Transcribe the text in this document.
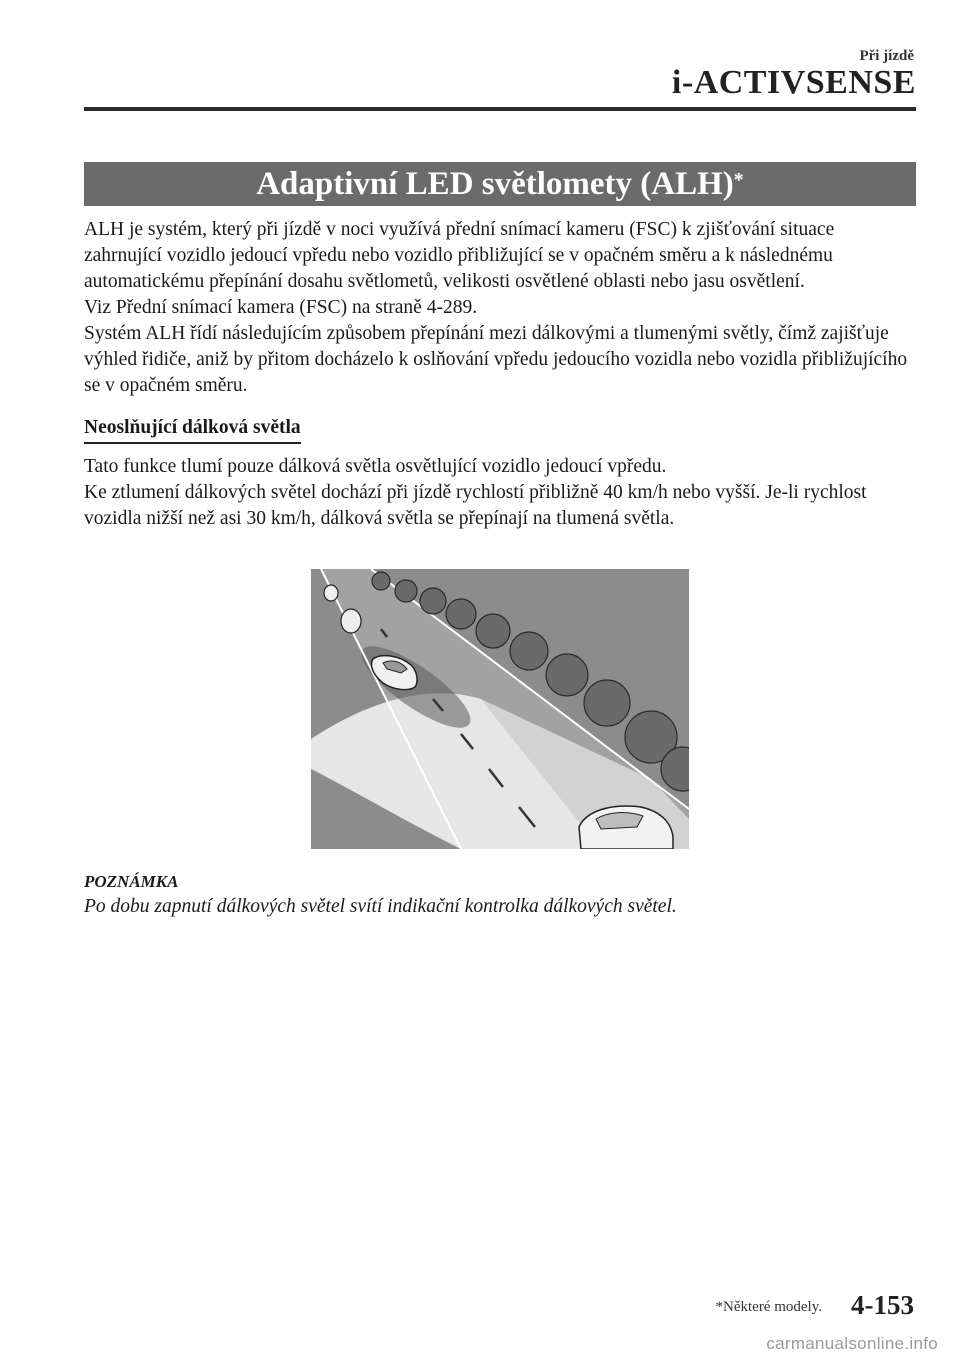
Při jízdě
i-ACTIVSENSE
Adaptivní LED světlomety (ALH)*

ALH je systém, který při jízdě v noci využívá přední snímací kameru (FSC) k zjišťování situace zahrnující vozidlo jedoucí vpředu nebo vozidlo přibližující se v opačném směru a k následnému automatickému přepínání dosahu světlometů, velikosti osvětlené oblasti nebo jasu osvětlení.

Viz Přední snímací kamera (FSC) na straně 4-289.

Systém ALH řídí následujícím způsobem přepínání mezi dálkovými a tlumenými světly, čímž zajišťuje výhled řidiče, aniž by přitom docházelo k oslňování vpředu jedoucího vozidla nebo vozidla přibližujícího se v opačném směru.

Neoslňující dálková světla

Tato funkce tlumí pouze dálková světla osvětlující vozidlo jedoucí vpředu.

Ke ztlumení dálkových světel dochází při jízdě rychlostí přibližně 40 km/h nebo vyšší. Je-li rychlost vozidla nižší než asi 30 km/h, dálková světla se přepínají na tlumená světla.

POZNÁMKA
Po dobu zapnutí dálkových světel svítí indikační kontrolka dálkových světel.
*Některé modely. 4-153
carmanualsonline.info
